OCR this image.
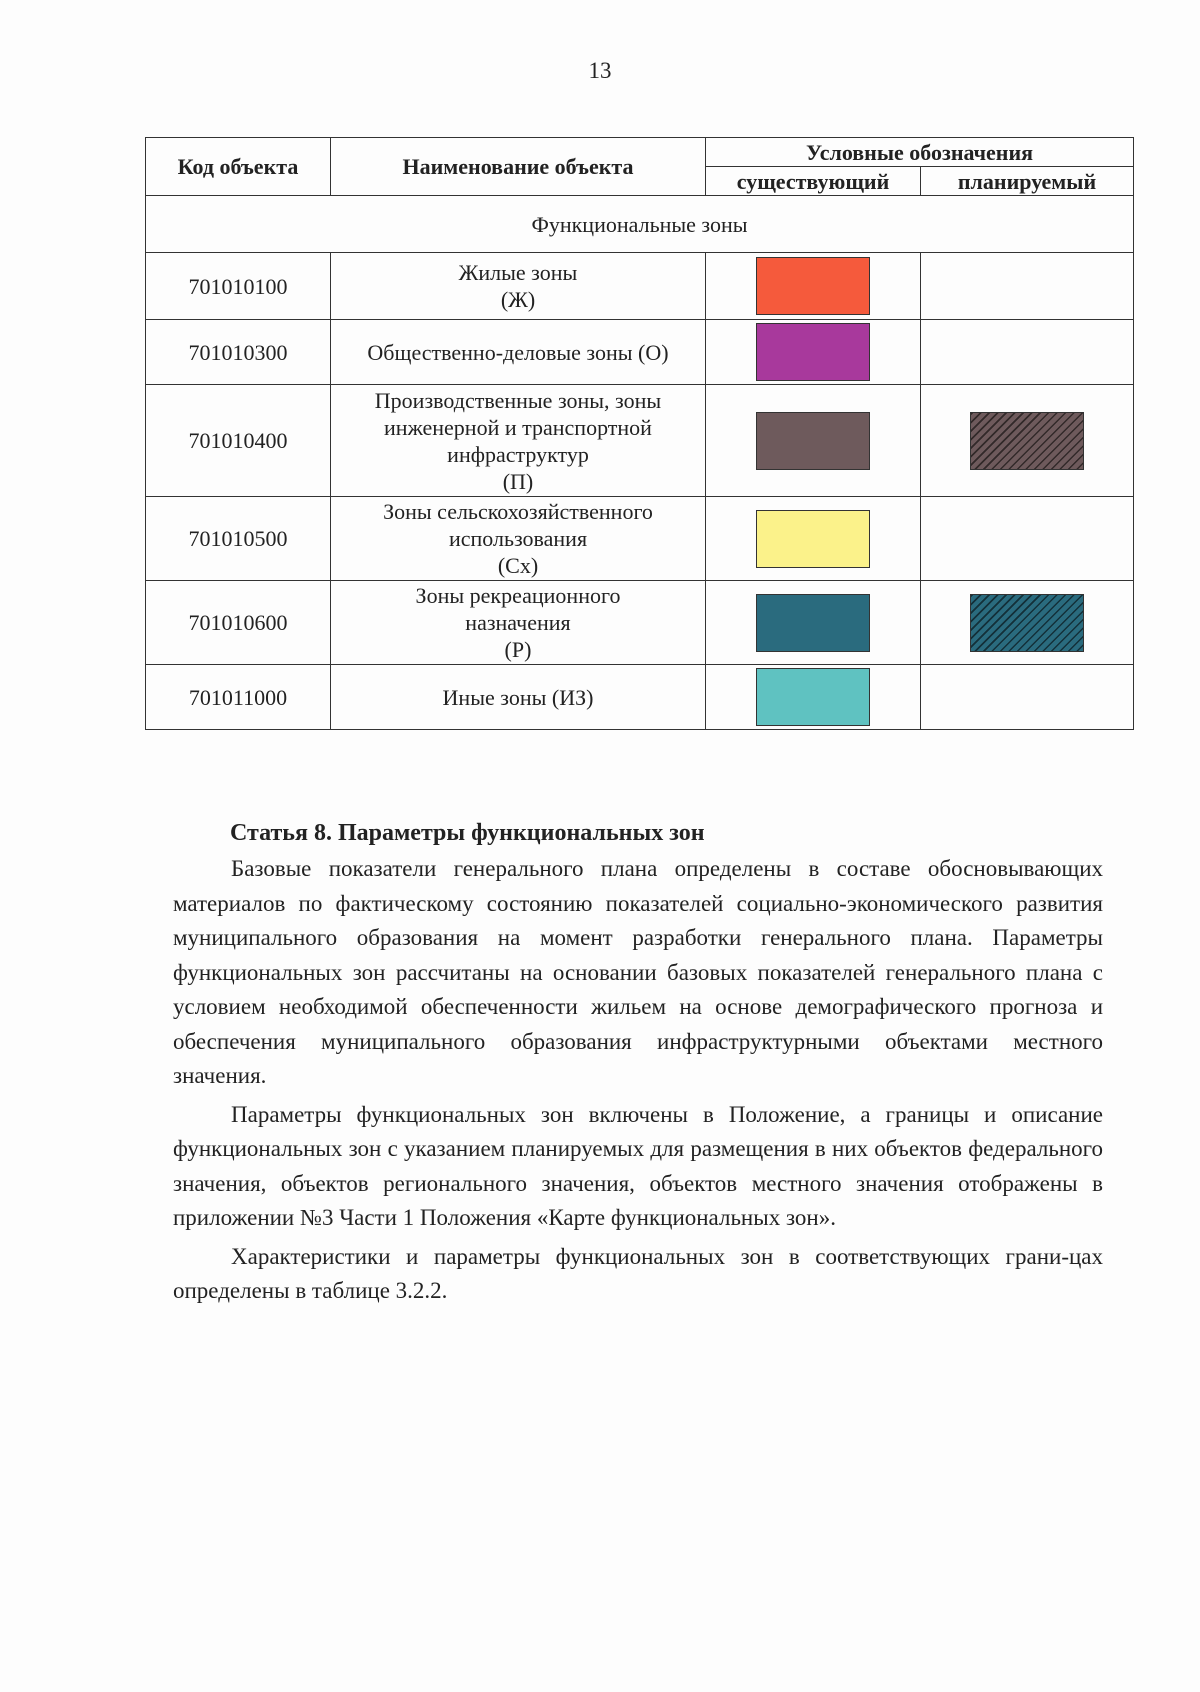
13
Код объекта	Наименование объекта	Условные обозначения	
		существующий	планируемый
Функциональные зоны			
701010100	Жилые зоны
(Ж)		

701010300	Общественно-деловые зоны (О)		

701010400	Производственные зоны, зоны
инженерной и транспортной
инфраструктур
(П)		

701010500	Зоны сельскохозяйственного
использования
(Сх)		

701010600	Зоны рекреационного
назначения
(Р)		

701011000	Иные зоны (ИЗ)		

Статья 8. Параметры функциональных зон

Базовые показатели генерального плана определены в составе обосновывающих материалов по фактическому состоянию показателей социально-экономического развития муниципального образования на момент разработки генерального плана. Параметры функциональных зон рассчитаны на основании базовых показателей генерального плана с условием необходимой обеспеченности жильем на основе демографического прогноза и обеспечения муниципального образования инфраструктурными объектами местного значения.

Параметры функциональных зон включены в Положение, а границы и описание функциональных зон с указанием планируемых для размещения в них объектов федерального значения, объектов регионального значения, объектов местного значения отображены в приложении №3 Части 1 Положения «Карте функциональных зон».

Характеристики и параметры функциональных зон в соответствующих грани-цах определены в таблице 3.2.2.
